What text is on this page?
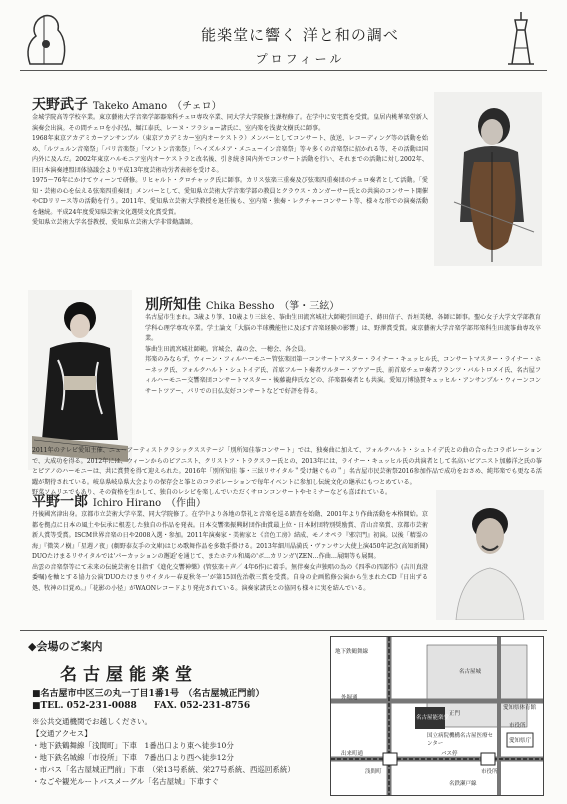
能楽堂に響く 洋と和の調べ
プロフィール
天野武子 Takeko Amano （チェロ）

金城学院高等学校卒業。東京藝術大学音楽学部器楽科チェロ専攻卒業、同大学大学院修士課程修了。在学中に安宅賞を受賞。皇居内桃華楽堂新人演奏会出演。その間チェロを小沢弘、堀江泰氏、レーヌ・フラショー諸氏に、室内楽を浅妻文樹氏に師事。

1968年東京アカデミカーアンサンブル（東京アカデミカー室内オーケストラ）メンバーとしてコンサート、放送、レコーディング等の活動を始め、「ルツェルン音楽祭」「パリ音楽祭」「マントン音楽祭」「ヘイズルメア・メニューイン音楽祭」等々多くの音楽祭に招かれる等、その活動は国内外に及んだ。2002年東京ハルモニア室内オーケストラと改名後、引き続き国内外でコンサート活動を行い、それまでの活動に対し2002年、旧日本演奏連盟団体協議会より平成13年度芸術功労者表彰を受ける。

1975〜76年にかけてウィーンで研修。リヒャルト・クロチャック氏に師事。カリス弦楽三重奏及び弦楽四重奏団のチェロ奏者として活動。「愛知・芸術の心を伝える弦楽四重奏団」メンバーとして、愛知県立芸術大学音楽学部の教員とクラウス・カンガーサー氏との共演のコンサート開催やCDリリース等の活動を行う。2011年、愛知県立芸術大学教授を退任後も、室内楽・独奏・レクチャーコンサート等、様々な形での演奏活動を継続。平成24年度愛知県芸術文化選奨文化賞受賞。

愛知県立芸術大学名誉教授、愛知県立芸術大学非常勤講師。

別所知佳 Chika Bessho （箏・三絃）

名古屋市生まれ。3歳より箏、10歳より三絃を、筝曲生田流宮城社大師範引田道子、蒔田信子、吾垣美穂、各師に師事。聖心女子大学文学部教育学科心理学専攻卒業。学士論文「大脳の半球機能往に及ぼす音楽経験の影響」は、野澤賞受賞。東京藝術大学音楽学部邦楽科生田流筝曲専攻卒業。

筝曲生田流宮城社師範。宮城会、森の会、一穂会、各会員。

邦楽のみならず、ウィーン・フィルハーモニー管弦楽団第一コンサートマスター・ライナー・キュッヒル氏、コンサートマスター・ライナー・ホーネック氏、フォルクハルト・シュトイデ氏、首席フルート奏者ワルター・アウアー氏、前首席チェロ奏者フランツ・バルトロメイ氏、名古屋フィルハーモニー交響楽団コンサートマスター・後藤龍伸氏などの、洋楽器奏者とも共演。愛知万博協賛キュッヒル・アンサンブル・ウィーンコンサートツアー、パリでの日仏友好コンサートなどで好評を得る。

2011年のテレビ愛知主催、ニューアーティストクラシックスステージ「別所知佳筝コンサート」では、独奏曲に加えて、フォルクハルト・シュトイデ氏との曲の合ったコラボレーションで、大成功を得る。2012年には、ウィーンからのピアニスト、クリストフ・トラクスラー氏との、2013年には、ライナー・キュッヒル氏の共演者として名高いピアニスト加藤洋之氏の筝とピアノのハーモニーは、共に賞賛を得て迎えられた。2016年「別所知佳 筝・三絃リサイタル＂受け継ぐもの＂」名古屋市民芸術祭2016参加作品で成功をおさめ、純邦楽でも更なる活躍が期待されている。岐阜県岐阜県大会よりの保存会と筝とのコラボレーションで毎年イベントに参加し伝統文化の継承にもつとめている。

野菜ソムリエでもあり、その資格を生かして、独自のレシピを楽しんでいただくサロンコンサートやセミナーなども喜ばれている。

平野一郎 Ichiro Hirano （作曲）

丹後國宮津出身。京都市立芸術大学卒業、同大学院修了。在学中より各地の祭礼と音楽を巡る踏査を始動、2001年より作曲活動を本格開始。京都を拠点に日本の風土や伝承に根差した独自の作品を発表。日本交響楽振興財団作曲賞最上位・日本財団特別奨励賞、青山音楽賞、京都市芸術新人賞等受賞。ISCM世界音楽の日や2008入選・参加。2011年演奏家・美術家と《音色工房》結成、モノオペラ『邪宗門』初演。以後「精霊の海」『微笑ノ樹』「星週ノ夜」(劇野泰友手の文庫)はじめ歌舞作品を多数手掛ける。2013年細川晶満氏・ヴァンサン大使上演450年記念(高知新聞) DUOたけまるリサイタルでは'パーカッションの邂逅'を通じて、またホテル和風の'ボ…カリンガ'(ZEN…作曲…展開等も展開。

出雲の音楽祭等にて未来の伝統芸術を目指す《進化交響神樂》(管弦楽＋声／ 4年6作)に着手。無伴奏女声独唱の為の《四季の四部作》(吉川真澄委嘱)を軸とする協力公演'DUOたけまりサイタル～春夏秋冬～'が第15回佐治敬三賞を受賞。自身の企画監修公演から生まれたCD『日出ずる処、牧神の目覚め。』「花影の小径」がWAONレコードより発売されている。演奏家諸氏との協同も様々に実を結んでいる。

◆会場のご案内
名古屋能楽堂
■名古屋市中区三の丸一丁目1番1号　（名古屋城正門前）
■TEL. 052-231-0088 FAX. 052-231-8756
※公共交通機関でお越しください。
【交通アクセス】
・地下鉄鶴舞線「浅間町」下車　1番出口より東へ徒歩10分
・地下鉄名城線「市役所」下車　7番出口より西へ徒歩12分
・市バス「名古屋城正門前」下車　（栄13号系統、栄27号系統、西巡回系統）
・なごや観光ルートバスメーグル「名古屋城」下車すぐ
名古屋能楽堂
名古屋城
地下鉄鶴舞線
浅間町	市役所
外堀通
出来町通
正門
国立病院機構名古屋医療センター
愛知県体育館
愛知県庁
市役所
バス停
名鉄瀬戸線
